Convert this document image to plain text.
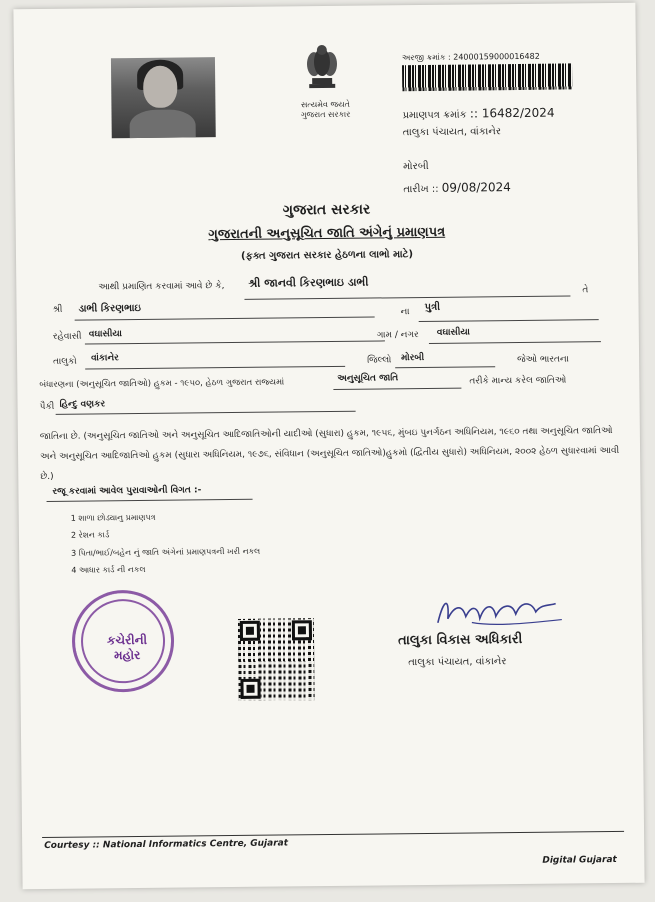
સત્યમેવ જયતે
ગુજરાત સરકાર
અરજી ક્રમાંક : 24000159000016482
પ્રમાણપત્ર ક્રમાંક :: 16482/2024
તાલુકા પંચાયત, વાંકાનેર
મોરબી
તારીખ :: 09/08/2024
ગુજરાત સરકાર
ગુજરાતની અનુસૂચિત જાતિ અંગેનું પ્રમાણપત્ર
(ફક્ત ગુજરાત સરકાર હેઠળના લાભો માટે)
આથી પ્રમાણિત કરવામાં આવે છે કે, શ્રી જાનવી કિરણભાઇ ડાભી
તે
શ્રી ડાભી કિરણભાઇ	ના પુત્રી
રહેવાસી વઘાસીયા	ગામ / નગર વઘાસીયા
તાલુકો વાંકાનેર	જિલ્લો મોરબી	જેઓ ભારતના
બંધારણના (અનુસૂચિત જાતિઓ) હુકમ - ૧૯૫૦, હેઠળ ગુજરાત રાજ્યમાં	અનુસૂચિત જાતિ	તરીકે માન્ય કરેલ જાતિઓ
પૈકી હિન્દુ વણકર
જાતિના છે. (અનુસૂચિત જાતિઓ અને અનુસૂચિત આદિજાતિઓની યાદીઓ (સુધારા) હુકમ, ૧૯૫૬, મુંબઇ પુનર્ગઠન અધિનિયમ, ૧૯૬૦ તથા અનુસૂચિત જાતિઓ અને અનુસૂચિત આદિજાતિઓ હુકમ (સુધારા અધિનિયમ, ૧૯૭૬, સંવિધાન (અનુસૂચિત જાતિઓ)હુકમો (દ્વિતીય સુધારો) અધિનિયમ, ૨૦૦૨ હેઠળ સુધારવામાં આવી છે.)
રજૂ કરવામાં આવેલ પુરાવાઓની વિગત :-
1 શાળા છોડ્યાનુ પ્રમાણપત્ર
2 રેશન કાર્ડ
3 પિતા/ભાઈ/બહેન નું જાતિ અંગેનાં પ્રમાણપત્રની ખરી નકલ
4 આધાર કાર્ડ ની નકલ
કચેરીની મહોર
તાલુકા વિકાસ અધિકારી
તાલુકા પંચાયત, વાંકાનેર
Courtesy :: National Informatics Centre, Gujarat
Digital Gujarat
